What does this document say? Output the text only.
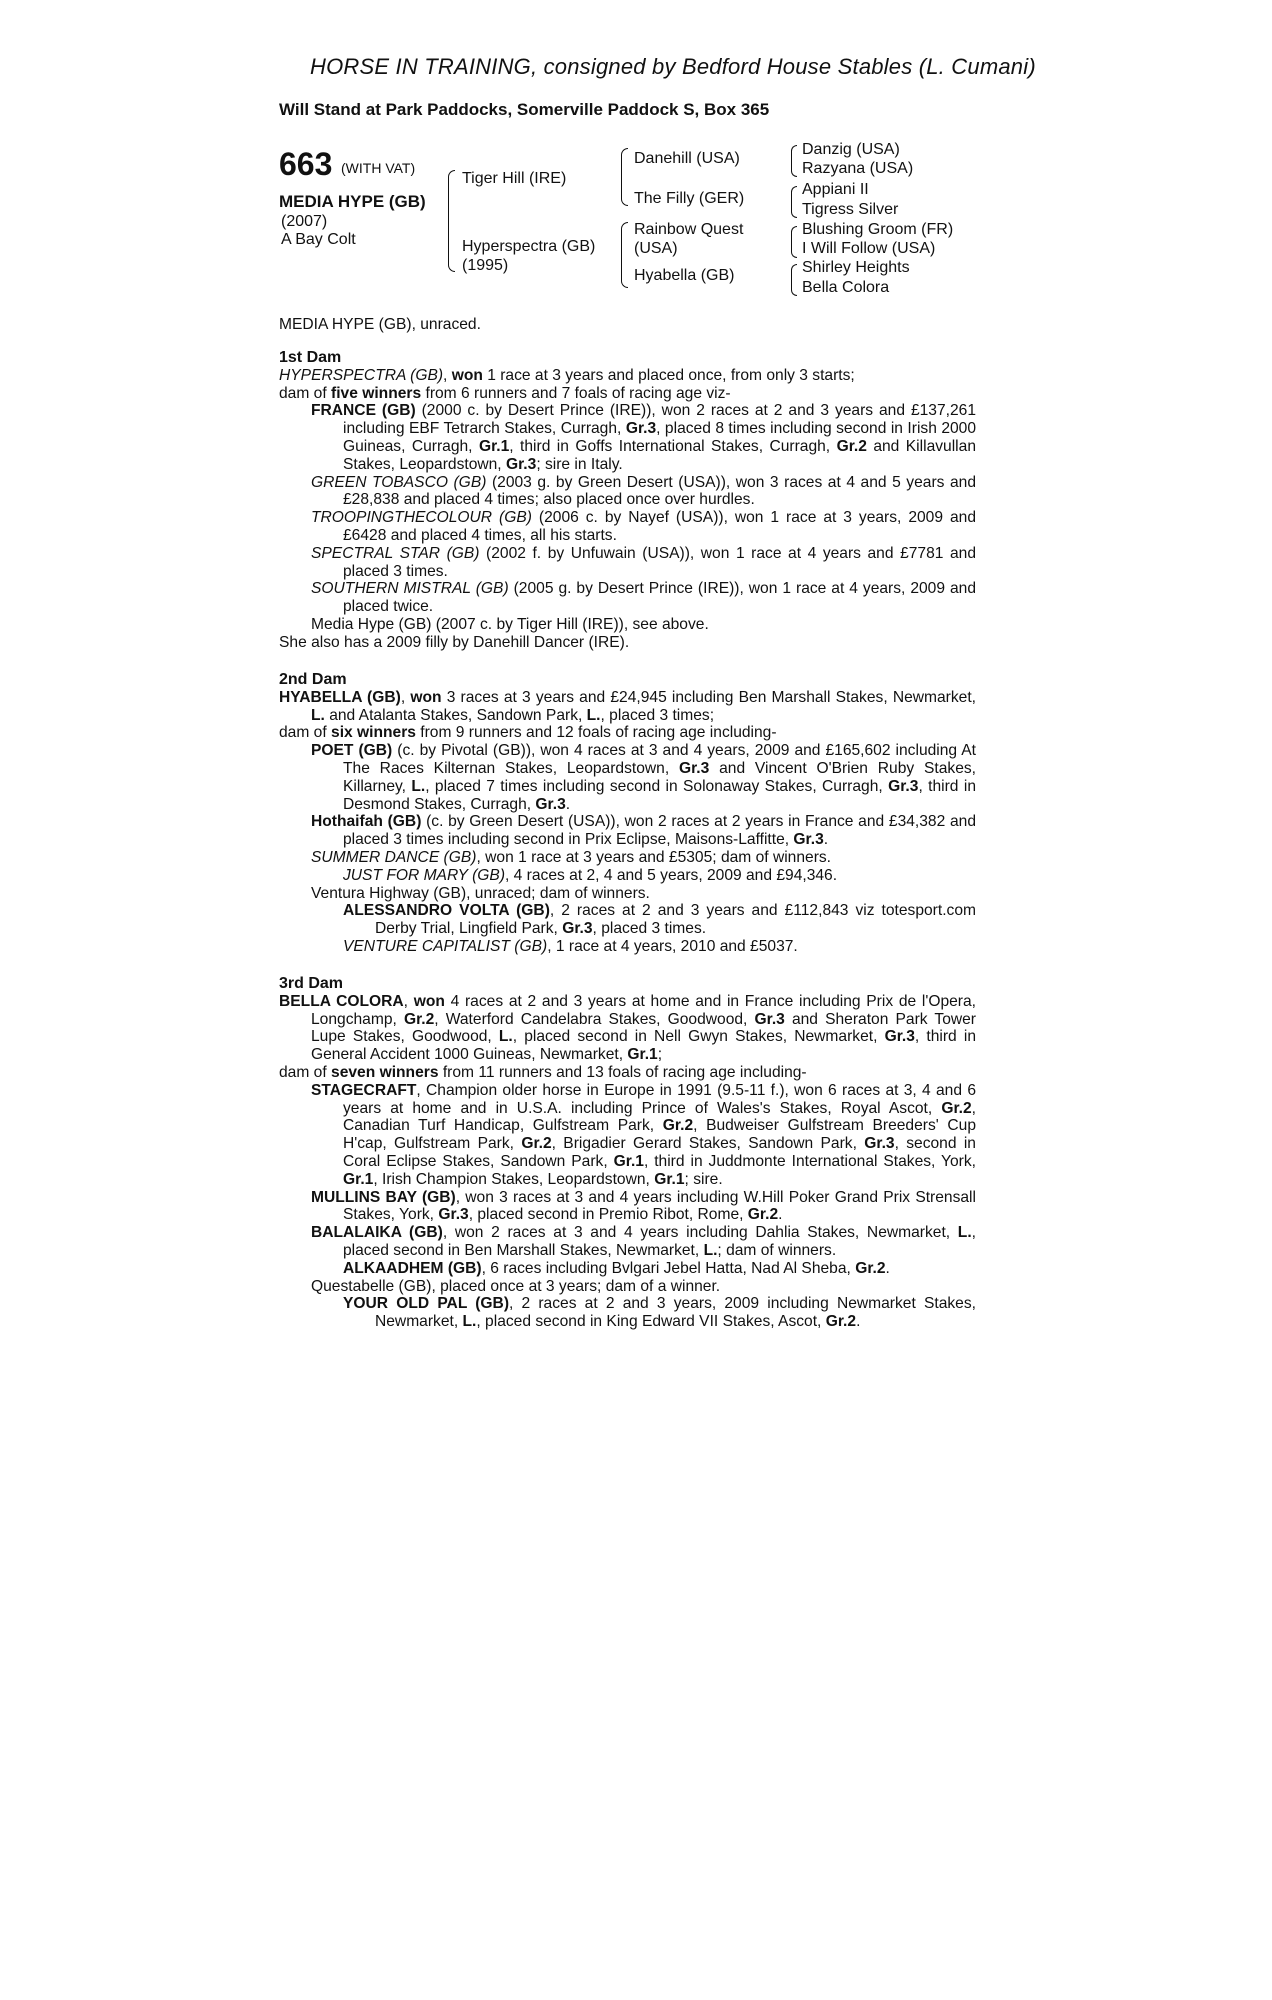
HORSE IN TRAINING, consigned by Bedford House Stables (L. Cumani)
Will Stand at Park Paddocks, Somerville Paddock S, Box 365
663 (WITH VAT)
MEDIA HYPE (GB)
(2007)
A Bay Colt
Tiger Hill (IRE)
Hyperspectra (GB)
(1995)
Danehill (USA)
The Filly (GER)
Rainbow Quest
(USA)
Hyabella (GB)
Danzig (USA)
Razyana (USA)
Appiani II
Tigress Silver
Blushing Groom (FR)
I Will Follow (USA)
Shirley Heights
Bella Colora
MEDIA HYPE (GB), unraced.
1st Dam

HYPERSPECTRA (GB), won 1 race at 3 years and placed once, from only 3 starts;

dam of five winners from 6 runners and 7 foals of racing age viz-

FRANCE (GB) (2000 c. by Desert Prince (IRE)), won 2 races at 2 and 3 years and £137,261 including EBF Tetrarch Stakes, Curragh, Gr.3, placed 8 times including second in Irish 2000 Guineas, Curragh, Gr.1, third in Goffs International Stakes, Curragh, Gr.2 and Killavullan Stakes, Leopardstown, Gr.3; sire in Italy.

GREEN TOBASCO (GB) (2003 g. by Green Desert (USA)), won 3 races at 4 and 5 years and £28,838 and placed 4 times; also placed once over hurdles.

TROOPINGTHECOLOUR (GB) (2006 c. by Nayef (USA)), won 1 race at 3 years, 2009 and £6428 and placed 4 times, all his starts.

SPECTRAL STAR (GB) (2002 f. by Unfuwain (USA)), won 1 race at 4 years and £7781 and placed 3 times.

SOUTHERN MISTRAL (GB) (2005 g. by Desert Prince (IRE)), won 1 race at 4 years, 2009 and placed twice.

Media Hype (GB) (2007 c. by Tiger Hill (IRE)), see above.

She also has a 2009 filly by Danehill Dancer (IRE).

2nd Dam

HYABELLA (GB), won 3 races at 3 years and £24,945 including Ben Marshall Stakes, Newmarket, L. and Atalanta Stakes, Sandown Park, L., placed 3 times;

dam of six winners from 9 runners and 12 foals of racing age including-

POET (GB) (c. by Pivotal (GB)), won 4 races at 3 and 4 years, 2009 and £165,602 including At The Races Kilternan Stakes, Leopardstown, Gr.3 and Vincent O'Brien Ruby Stakes, Killarney, L., placed 7 times including second in Solonaway Stakes, Curragh, Gr.3, third in Desmond Stakes, Curragh, Gr.3.

Hothaifah (GB) (c. by Green Desert (USA)), won 2 races at 2 years in France and £34,382 and placed 3 times including second in Prix Eclipse, Maisons-Laffitte, Gr.3.

SUMMER DANCE (GB), won 1 race at 3 years and £5305; dam of winners.

JUST FOR MARY (GB), 4 races at 2, 4 and 5 years, 2009 and £94,346.

Ventura Highway (GB), unraced; dam of winners.

ALESSANDRO VOLTA (GB), 2 races at 2 and 3 years and £112,843 viz totesport.com Derby Trial, Lingfield Park, Gr.3, placed 3 times.

VENTURE CAPITALIST (GB), 1 race at 4 years, 2010 and £5037.

3rd Dam

BELLA COLORA, won 4 races at 2 and 3 years at home and in France including Prix de l'Opera, Longchamp, Gr.2, Waterford Candelabra Stakes, Goodwood, Gr.3 and Sheraton Park Tower Lupe Stakes, Goodwood, L., placed second in Nell Gwyn Stakes, Newmarket, Gr.3, third in General Accident 1000 Guineas, Newmarket, Gr.1;

dam of seven winners from 11 runners and 13 foals of racing age including-

STAGECRAFT, Champion older horse in Europe in 1991 (9.5-11 f.), won 6 races at 3, 4 and 6 years at home and in U.S.A. including Prince of Wales's Stakes, Royal Ascot, Gr.2, Canadian Turf Handicap, Gulfstream Park, Gr.2, Budweiser Gulfstream Breeders' Cup H'cap, Gulfstream Park, Gr.2, Brigadier Gerard Stakes, Sandown Park, Gr.3, second in Coral Eclipse Stakes, Sandown Park, Gr.1, third in Juddmonte International Stakes, York, Gr.1, Irish Champion Stakes, Leopardstown, Gr.1; sire.

MULLINS BAY (GB), won 3 races at 3 and 4 years including W.Hill Poker Grand Prix Strensall Stakes, York, Gr.3, placed second in Premio Ribot, Rome, Gr.2.

BALALAIKA (GB), won 2 races at 3 and 4 years including Dahlia Stakes, Newmarket, L., placed second in Ben Marshall Stakes, Newmarket, L.; dam of winners.

ALKAADHEM (GB), 6 races including Bvlgari Jebel Hatta, Nad Al Sheba, Gr.2.

Questabelle (GB), placed once at 3 years; dam of a winner.

YOUR OLD PAL (GB), 2 races at 2 and 3 years, 2009 including Newmarket Stakes, Newmarket, L., placed second in King Edward VII Stakes, Ascot, Gr.2.
